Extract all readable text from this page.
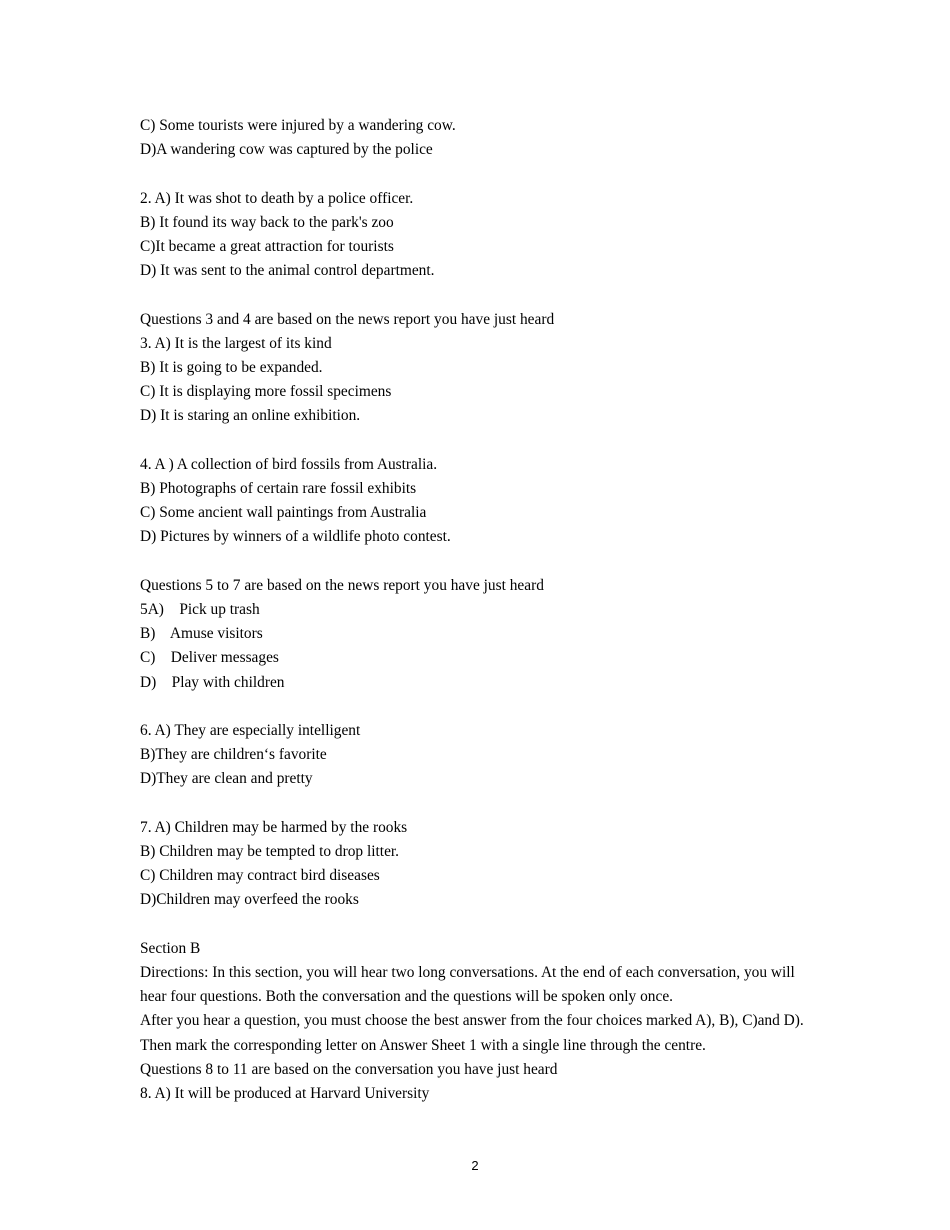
C) Some tourists were injured by a wandering cow.
D)A wandering cow was captured by the police
2. A) It was shot to death by a police officer.
B) It found its way back to the park's zoo
C)It became a great attraction for tourists
D) It was sent to the animal control department.
Questions 3 and 4 are based on the news report you have just heard
3. A) It is the largest of its kind
B) It is going to be expanded.
C) It is displaying more fossil specimens
D) It is staring an online exhibition.
4. A ) A collection of bird fossils from Australia.
B) Photographs of certain rare fossil exhibits
C) Some ancient wall paintings from Australia
D) Pictures by winners of a wildlife photo contest.
Questions 5 to 7 are based on the news report you have just heard
5A)    Pick up trash
B)    Amuse visitors
C)    Deliver messages
D)    Play with children
6. A) They are especially intelligent
B)They are children‘s favorite
D)They are clean and pretty
7. A) Children may be harmed by the rooks
B) Children may be tempted to drop litter.
C) Children may contract bird diseases
D)Children may overfeed the rooks
Section B
Directions: In this section, you will hear two long conversations. At the end of each conversation, you will hear four questions. Both the conversation and the questions will be spoken only once.
After you hear a question, you must choose the best answer from the four choices marked A), B), C)and D). Then mark the corresponding letter on Answer Sheet 1 with a single line through the centre.
Questions 8 to 11 are based on the conversation you have just heard
8. A) It will be produced at Harvard University
2
